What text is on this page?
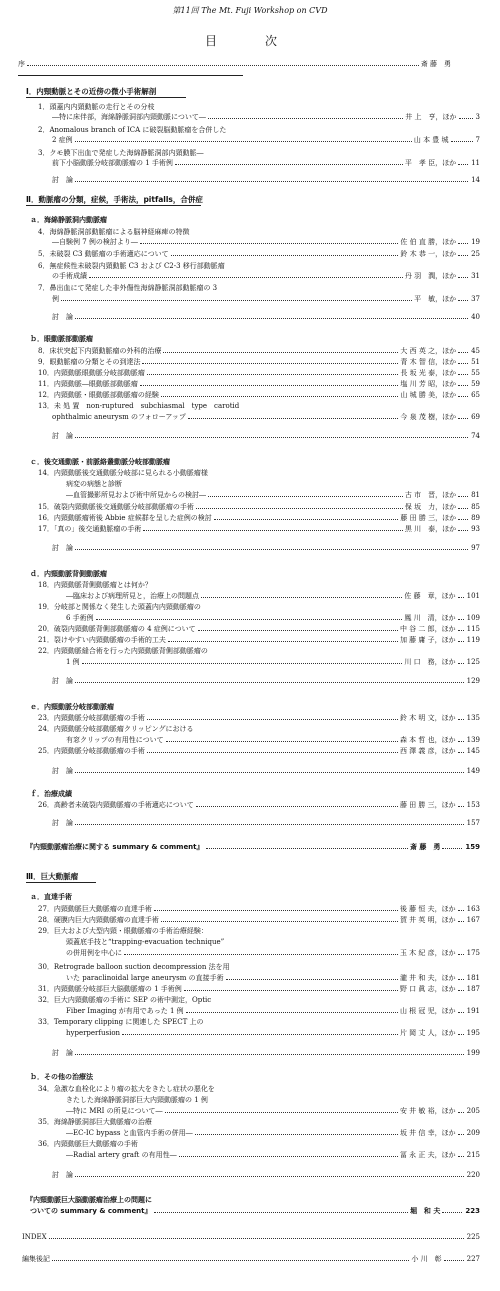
第11回 The Mt. Fuji Workshop on CVD
目　次
序	斎 藤　勇
Ⅰ．内頸動脈とその近傍の微小手術解剖
1．頭蓋内内頸動脈の走行とその分枝
―特に床伴部，海綿静脈洞部内頸動脈について―	井 上　亨，ほか	3
2．Anomalous branch of ICA に破裂脳動脈瘤を合併した
2 症例	山 本 豊 城	7
3．クモ膜下出血で発症した海綿静脈洞部内頸動脈―
前下小脳動脈分岐部動脈瘤の 1 手術例	平　孝 臣，ほか 11
討　論	14
Ⅱ．動脈瘤の分類，症候，手術法，pitfalls，合併症
ａ．海綿静脈洞内動脈瘤
4．海綿静脈洞部動脈瘤による脳神経麻痺の特徴
―自験例 7 例の検討より―	佐 伯 直 勝，ほか 19
5．未破裂 C3 動脈瘤の手術適応について	鈴 木 恭 一，ほか 25
6．無症候性未破裂内頸動脈 C3 および C2-3 移行部動脈瘤
の手術成績	丹 羽　潤，ほか 31
7．鼻出血にて発症した非外傷性海綿静脈洞部動脈瘤の 3
例	平　敏，ほか 37
討　論	40
ｂ．眼動脈部動脈瘤
8．床状突起下内頸動脈瘤の外科的治療	大 西 英 之，ほか 45
9．眼動脈瘤の分類とその到達法	青 木 智 信，ほか 51
10．内頸動脈眼動脈分岐部動脈瘤	長 坂 光 泰，ほか 55
11．内頸動脈―眼動脈部動脈瘤	塩 川 芳 昭，ほか 59
12．内頸動脈・眼動脈部動脈瘤の経験	山 城 勝 美，ほか 65
13．未 処 置　non-ruptured　subchiasmal　type　carotid
ophthalmic aneurysm のフォローアップ	今 泉 茂 樹，ほか 69
討　論	74
ｃ．後交通動脈・前脈絡叢動脈分岐部動脈瘤
14．内頸動脈後交通動脈分岐部に見られる小動脈瘤様
病変の病態と診断
―血管撮影所見および術中所見からの検討―	古 市　晋，ほか 81
15．破裂内頸動脈後交通動脈分岐部動脈瘤の手術	保 坂　力，ほか 85
16．内頸動脈瘤術後 Abbie 症候群を呈した症例の検討	藤 田 勝 三，ほか 89
17．「真の」後交通動脈瘤の手術	黒 川　泰，ほか 93
討　論	97
ｄ．内頸動脈背側動脈瘤
18．内頸動脈背側動脈瘤とは何か？
―臨床および病理所見と，治療上の問題点	佐 藤　章，ほか 101
19．分岐部と関係なく発生した頭蓋内内頸動脈瘤の
6 手術例	鳳 川　清，ほか 109
20．破裂内頸動脈背側部動脈瘤の 4 症例について	中 谷 二 郎，ほか 115
21．裂けやすい内頸動脈瘤の手術的工夫	加 藤 庸 子，ほか 119
22．内頸動脈縫合術を行った内頸動脈背側部動脈瘤の
1 例	川 口　務，ほか 125
討　論	129
ｅ．内頸動脈分岐部動脈瘤
23．内頸動脈分岐部動脈瘤の手術	鈴 木 明 文，ほか 135
24．内頸動脈分岐部動脈瘤クリッピングにおける
有窓クリップの有用性について	森 本 哲 也，ほか 139
25．内頸動脈分岐部動脈瘤の手術	西 澤 義 彦，ほか 145
討　論	149
ｆ．治療成績
26．高齢者未破裂内頸動脈瘤の手術適応について	藤 田 勝 三，ほか 153
討　論	157
『内頸動脈瘤治療に関する summary & comment』	斎 藤　勇	159
Ⅲ．巨大動脈瘤
ａ．直達手術
27．内頸動脈巨大動脈瘤の直達手術	後 藤 恒 夫，ほか 163
28．硬膜内巨大内頸動脈瘤の直達手術	賀 井 英 明，ほか 167
29．巨大および大型内頸・眼動脈瘤の手術治療経験：
頭蓋底手技と“trapping-evacuation technique”
の併用例を中心に	玉 木 紀 彦，ほか 175
30．Retrograde balloon suction decompression 法を用
いた paraclinoidal large aneurysm の直接手術	瀧 井 和 夫，ほか 181
31．内頸動脈分岐部巨大脳動脈瘤の 1 手術例	野 口 眞 志，ほか 187
32．巨大内頸動脈瘤の手術に SEP の術中測定，Optic
Fiber Imaging が有用であった 1 例	山 根 冠 児，ほか 191
33．Temporary clipping に関連した SPECT 上の
hyperperfusion	片 岡 丈 人，ほか 195
討　論	199
ｂ．その他の治療法
34．急激な血栓化により瘤の拡大をきたし症状の悪化を
きたした海綿静脈洞部巨大内頸動脈瘤の 1 例
―特に MRI の所見について―	安 井 敏 裕，ほか 205
35．海綿静脈洞部巨大動脈瘤の治療
―EC-IC bypass と血管内手術の併用―	坂 井 信 幸，ほか 209
36．内頸動脈巨大動脈瘤の手術
―Radial artery graft の有用性―	冨 永 正 夫，ほか 215
討　論	220
『内頸動脈巨大脳動脈瘤治療上の問題に
ついての summary & comment』	堀　和 夫	223
INDEX	225
編集後記	小 川　彰	227
